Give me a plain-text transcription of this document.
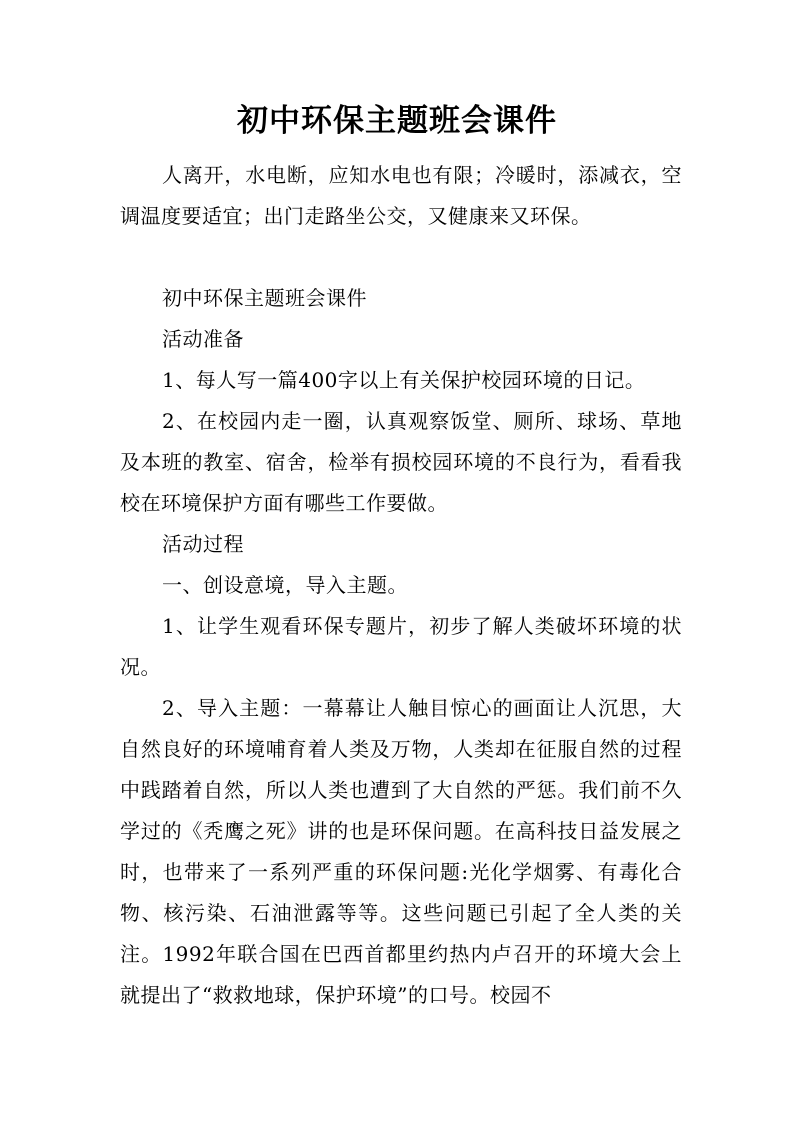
初中环保主题班会课件

人离开，水电断，应知水电也有限；冷暖时，添减衣，空调温度要适宜；出门走路坐公交，又健康来又环保。

初中环保主题班会课件

活动准备

1、每人写一篇400字以上有关保护校园环境的日记。

2、在校园内走一圈，认真观察饭堂、厕所、球场、草地及本班的教室、宿舍，检举有损校园环境的不良行为，看看我校在环境保护方面有哪些工作要做。

活动过程

一、创设意境，导入主题。

1、让学生观看环保专题片，初步了解人类破坏环境的状况。

2、导入主题：一幕幕让人触目惊心的画面让人沉思，大自然良好的环境哺育着人类及万物，人类却在征服自然的过程中践踏着自然，所以人类也遭到了大自然的严惩。我们前不久学过的《秃鹰之死》讲的也是环保问题。在高科技日益发展之时，也带来了一系列严重的环保问题:光化学烟雾、有毒化合物、核污染、石油泄露等等。这些问题已引起了全人类的关注。1992年联合国在巴西首都里约热内卢召开的环境大会上就提出了“救救地球，保护环境”的口号。校园不
